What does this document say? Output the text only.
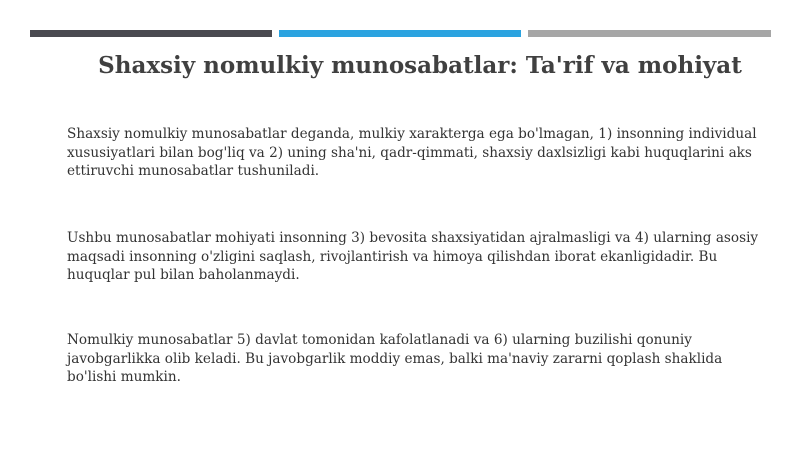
Shaxsiy nomulkiy munosabatlar: Ta'rif va mohiyat

Shaxsiy nomulkiy munosabatlar deganda, mulkiy xarakterga ega bo'lmagan, 1) insonning individual xususiyatlari bilan bog'liq va 2) uning sha'ni, qadr-qimmati, shaxsiy daxlsizligi kabi huquqlarini aks ettiruvchi munosabatlar tushuniladi.

Ushbu munosabatlar mohiyati insonning 3) bevosita shaxsiyatidan ajralmasligi va 4) ularning asosiy maqsadi insonning o'zligini saqlash, rivojlantirish va himoya qilishdan iborat ekanligidadir. Bu huquqlar pul bilan baholanmaydi.

Nomulkiy munosabatlar 5) davlat tomonidan kafolatlanadi va 6) ularning buzilishi qonuniy javobgarlikka olib keladi. Bu javobgarlik moddiy emas, balki ma'naviy zararni qoplash shaklida bo'lishi mumkin.
